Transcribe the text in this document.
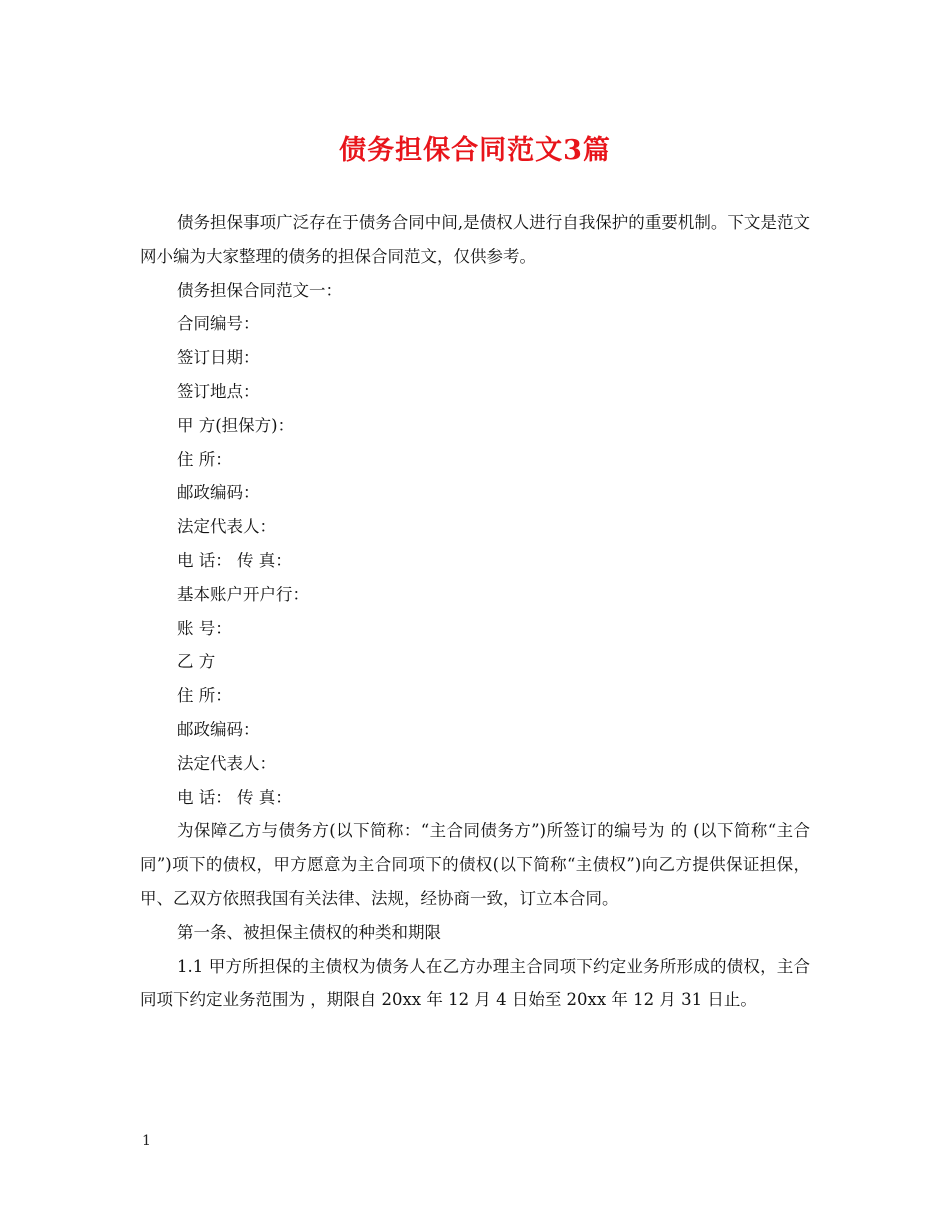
债务担保合同范文3篇

债务担保事项广泛存在于债务合同中间,是债权人进行自我保护的重要机制。下文是范文网小编为大家整理的债务的担保合同范文，仅供参考。

债务担保合同范文一：

合同编号：

签订日期：

签订地点：

甲 方(担保方)：

住 所：

邮政编码：

法定代表人：

电 话： 传 真：

基本账户开户行：

账 号：

乙 方

住 所：

邮政编码：

法定代表人：

电 话： 传 真：

为保障乙方与债务方(以下简称：“主合同债务方”)所签订的编号为 的 (以下简称“主合同”)项下的债权，甲方愿意为主合同项下的债权(以下简称“主债权”)向乙方提供保证担保，甲、乙双方依照我国有关法律、法规，经协商一致，订立本合同。

第一条、被担保主债权的种类和期限

1.1 甲方所担保的主债权为债务人在乙方办理主合同项下约定业务所形成的债权，主合同项下约定业务范围为 ，期限自 20xx 年 12 月 4 日始至 20xx 年 12 月 31 日止。

1
